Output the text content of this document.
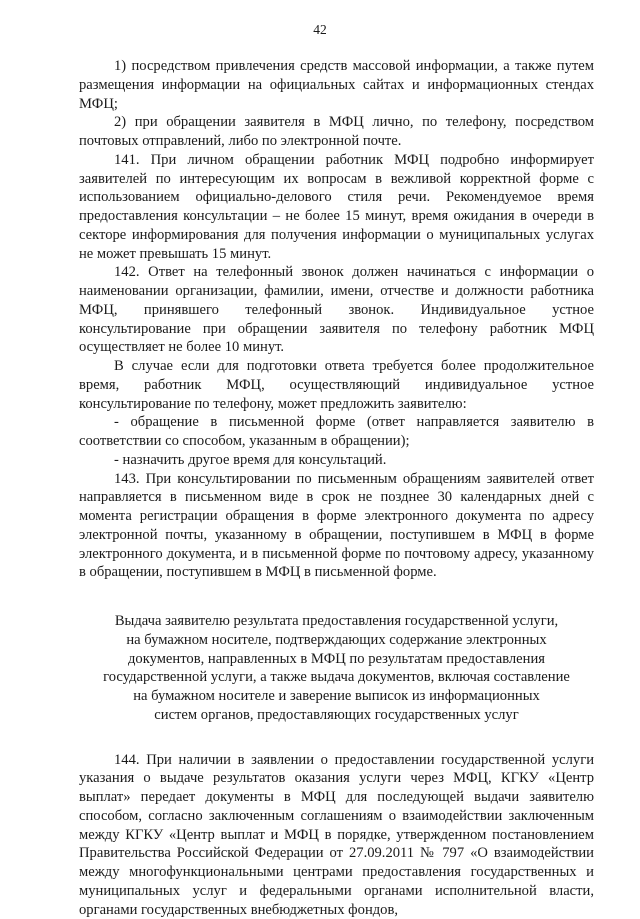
42

1) посредством привлечения средств массовой информации, а также путем размещения информации на официальных сайтах и информационных стендах МФЦ;

2) при обращении заявителя в МФЦ лично, по телефону, посредством почтовых отправлений, либо по электронной почте.

141. При личном обращении работник МФЦ подробно информирует заявителей по интересующим их вопросам в вежливой корректной форме с использованием официально-делового стиля речи. Рекомендуемое время предоставления консультации – не более 15 минут, время ожидания в очереди в секторе информирования для получения информации о муниципальных услугах не может превышать 15 минут.

142. Ответ на телефонный звонок должен начинаться с информации о наименовании организации, фамилии, имени, отчестве и должности работника МФЦ, принявшего телефонный звонок. Индивидуальное устное консультирование при обращении заявителя по телефону работник МФЦ осуществляет не более 10 минут.

В случае если для подготовки ответа требуется более продолжительное время, работник МФЦ, осуществляющий индивидуальное устное консультирование по телефону, может предложить заявителю:

- обращение в письменной форме (ответ направляется заявителю в соответствии со способом, указанным в обращении);

- назначить другое время для консультаций.

143. При консультировании по письменным обращениям заявителей ответ направляется в письменном виде в срок не позднее 30 календарных дней с момента регистрации обращения в форме электронного документа по адресу электронной почты, указанному в обращении, поступившем в МФЦ в форме электронного документа, и в письменной форме по почтовому адресу, указанному в обращении, поступившем в МФЦ в письменной форме.

Выдача заявителю результата предоставления государственной услуги,
на бумажном носителе, подтверждающих содержание электронных
документов, направленных в МФЦ по результатам предоставления
государственной услуги, а также выдача документов, включая составление
на бумажном носителе и заверение выписок из информационных
систем органов, предоставляющих государственных услуг

144. При наличии в заявлении о предоставлении государственной услуги указания о выдаче результатов оказания услуги через МФЦ, КГКУ «Центр выплат» передает документы в МФЦ для последующей выдачи заявителю способом, согласно заключенным соглашениям о взаимодействии заключенным между КГКУ «Центр выплат и МФЦ в порядке, утвержденном постановлением Правительства Российской Федерации от 27.09.2011 № 797 «О взаимодействии между многофункциональными центрами предоставления государственных и муниципальных услуг и федеральными органами исполнительной власти, органами государственных внебюджетных фондов,
